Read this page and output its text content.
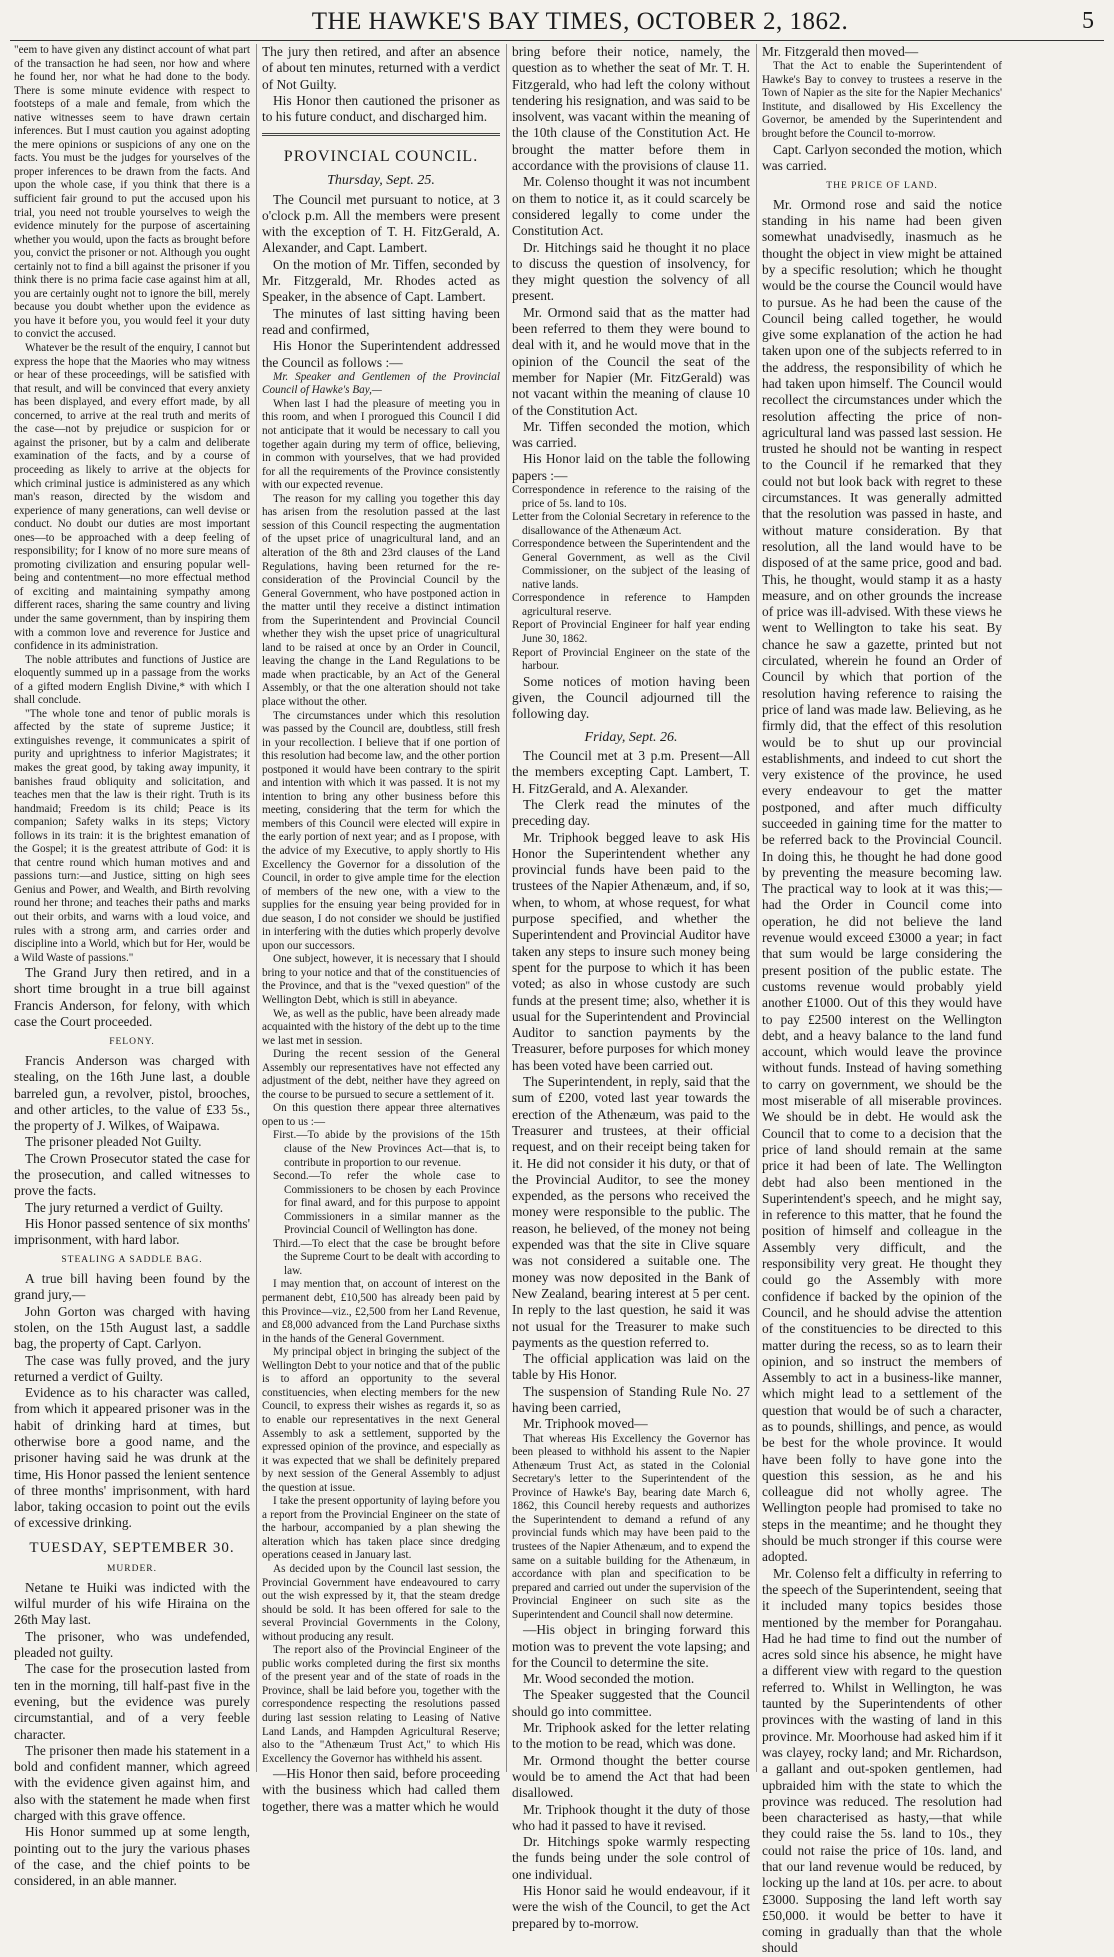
THE HAWKE'S BAY TIMES, OCTOBER 2, 1862.	5

"eem to have given any distinct account of what part of the transaction he had seen, nor how and where he found her, nor what he had done to the body. There is some minute evidence with respect to footsteps of a male and female, from which the native witnesses seem to have drawn certain inferences. But I must caution you against adopting the mere opinions or suspicions of any one on the facts. You must be the judges for yourselves of the proper inferences to be drawn from the facts. And upon the whole case, if you think that there is a sufficient fair ground to put the accused upon his trial, you need not trouble yourselves to weigh the evidence minutely for the purpose of ascertaining whether you would, upon the facts as brought before you, convict the prisoner or not. Although you ought certainly not to find a bill against the prisoner if you think there is no prima facie case against him at all, you are certainly ought not to ignore the bill, merely because you doubt whether upon the evidence as you have it before you, you would feel it your duty to convict the accused.

Whatever be the result of the enquiry, I cannot but express the hope that the Maories who may witness or hear of these proceedings, will be satisfied with that result, and will be convinced that every anxiety has been displayed, and every effort made, by all concerned, to arrive at the real truth and merits of the case—not by prejudice or suspicion for or against the prisoner, but by a calm and deliberate examination of the facts, and by a course of proceeding as likely to arrive at the objects for which criminal justice is administered as any which man's reason, directed by the wisdom and experience of many generations, can well devise or conduct. No doubt our duties are most important ones—to be approached with a deep feeling of responsibility; for I know of no more sure means of promoting civilization and ensuring popular well-being and contentment—no more effectual method of exciting and maintaining sympathy among different races, sharing the same country and living under the same government, than by inspiring them with a common love and reverence for Justice and confidence in its administration.

The noble attributes and functions of Justice are eloquently summed up in a passage from the works of a gifted modern English Divine,* with which I shall conclude.

"The whole tone and tenor of public morals is affected by the state of supreme Justice; it extinguishes revenge, it communicates a spirit of purity and uprightness to inferior Magistrates; it makes the great good, by taking away impunity, it banishes fraud obliquity and solicitation, and teaches men that the law is their right. Truth is its handmaid; Freedom is its child; Peace is its companion; Safety walks in its steps; Victory follows in its train: it is the brightest emanation of the Gospel; it is the greatest attribute of God: it is that centre round which human motives and and passions turn:—and Justice, sitting on high sees Genius and Power, and Wealth, and Birth revolving round her throne; and teaches their paths and marks out their orbits, and warns with a loud voice, and rules with a strong arm, and carries order and discipline into a World, which but for Her, would be a Wild Waste of passions."

The Grand Jury then retired, and in a short time brought in a true bill against Francis Anderson, for felony, with which case the Court proceeded.

FELONY.

Francis Anderson was charged with stealing, on the 16th June last, a double barreled gun, a revolver, pistol, brooches, and other articles, to the value of £33 5s., the property of J. Wilkes, of Waipawa.

The prisoner pleaded Not Guilty.

The Crown Prosecutor stated the case for the prosecution, and called witnesses to prove the facts.

The jury returned a verdict of Guilty.

His Honor passed sentence of six months' imprisonment, with hard labor.

STEALING A SADDLE BAG.

A true bill having been found by the grand jury,—

John Gorton was charged with having stolen, on the 15th August last, a saddle bag, the property of Capt. Carlyon.

The case was fully proved, and the jury returned a verdict of Guilty.

Evidence as to his character was called, from which it appeared prisoner was in the habit of drinking hard at times, but otherwise bore a good name, and the prisoner having said he was drunk at the time, His Honor passed the lenient sentence of three months' imprisonment, with hard labor, taking occasion to point out the evils of excessive drinking.

TUESDAY, SEPTEMBER 30.

MURDER.

Netane te Huiki was indicted with the wilful murder of his wife Hiraina on the 26th May last.

The prisoner, who was undefended, pleaded not guilty.

The case for the prosecution lasted from ten in the morning, till half-past five in the evening, but the evidence was purely circumstantial, and of a very feeble character.

The prisoner then made his statement in a bold and confident manner, which agreed with the evidence given against him, and also with the statement he made when first charged with this grave offence.

His Honor summed up at some length, pointing out to the jury the various phases of the case, and the chief points to be considered, in an able manner.

The jury then retired, and after an absence of about ten minutes, returned with a verdict of Not Guilty.

His Honor then cautioned the prisoner as to his future conduct, and discharged him.

PROVINCIAL COUNCIL.

Thursday, Sept. 25.

The Council met pursuant to notice, at 3 o'clock p.m. All the members were present with the exception of T. H. FitzGerald, A. Alexander, and Capt. Lambert.

On the motion of Mr. Tiffen, seconded by Mr. Fitzgerald, Mr. Rhodes acted as Speaker, in the absence of Capt. Lambert.

The minutes of last sitting having been read and confirmed,

His Honor the Superintendent addressed the Council as follows :—

Mr. Speaker and Gentlemen of the Provincial Council of Hawke's Bay,—

When last I had the pleasure of meeting you in this room, and when I prorogued this Council I did not anticipate that it would be necessary to call you together again during my term of office, believing, in common with yourselves, that we had provided for all the requirements of the Province consistently with our expected revenue.

The reason for my calling you together this day has arisen from the resolution passed at the last session of this Council respecting the augmentation of the upset price of unagricultural land, and an alteration of the 8th and 23rd clauses of the Land Regulations, having been returned for the re-consideration of the Provincial Council by the General Government, who have postponed action in the matter until they receive a distinct intimation from the Superintendent and Provincial Council whether they wish the upset price of unagricultural land to be raised at once by an Order in Council, leaving the change in the Land Regulations to be made when practicable, by an Act of the General Assembly, or that the one alteration should not take place without the other.

The circumstances under which this resolution was passed by the Council are, doubtless, still fresh in your recollection. I believe that if one portion of this resolution had become law, and the other portion postponed it would have been contrary to the spirit and intention with which it was passed. It is not my intention to bring any other business before this meeting, considering that the term for which the members of this Council were elected will expire in the early portion of next year; and as I propose, with the advice of my Executive, to apply shortly to His Excellency the Governor for a dissolution of the Council, in order to give ample time for the election of members of the new one, with a view to the supplies for the ensuing year being provided for in due season, I do not consider we should be justified in interfering with the duties which properly devolve upon our successors.

One subject, however, it is necessary that I should bring to your notice and that of the constituencies of the Province, and that is the "vexed question" of the Wellington Debt, which is still in abeyance.

We, as well as the public, have been already made acquainted with the history of the debt up to the time we last met in session.

During the recent session of the General Assembly our representatives have not effected any adjustment of the debt, neither have they agreed on the course to be pursued to secure a settlement of it.

On this question there appear three alternatives open to us :—

First.—To abide by the provisions of the 15th clause of the New Provinces Act—that is, to contribute in proportion to our revenue.

Second.—To refer the whole case to Commissioners to be chosen by each Province for final award, and for this purpose to appoint Commissioners in a similar manner as the Provincial Council of Wellington has done.

Third.—To elect that the case be brought before the Supreme Court to be dealt with according to law.

I may mention that, on account of interest on the permanent debt, £10,500 has already been paid by this Province—viz., £2,500 from her Land Revenue, and £8,000 advanced from the Land Purchase sixths in the hands of the General Government.

My principal object in bringing the subject of the Wellington Debt to your notice and that of the public is to afford an opportunity to the several constituencies, when electing members for the new Council, to express their wishes as regards it, so as to enable our representatives in the next General Assembly to ask a settlement, supported by the expressed opinion of the province, and especially as it was expected that we shall be definitely prepared by next session of the General Assembly to adjust the question at issue.

I take the present opportunity of laying before you a report from the Provincial Engineer on the state of the harbour, accompanied by a plan shewing the alteration which has taken place since dredging operations ceased in January last.

As decided upon by the Council last session, the Provincial Government have endeavoured to carry out the wish expressed by it, that the steam dredge should be sold. It has been offered for sale to the several Provincial Governments in the Colony, without producing any result.

The report also of the Provincial Engineer of the public works completed during the first six months of the present year and of the state of roads in the Province, shall be laid before you, together with the correspondence respecting the resolutions passed during last session relating to Leasing of Native Land Lands, and Hampden Agricultural Reserve; also to the "Athenæum Trust Act," to which His Excellency the Governor has withheld his assent.

—His Honor then said, before proceeding with the business which had called them together, there was a matter which he would

bring before their notice, namely, the question as to whether the seat of Mr. T. H. Fitzgerald, who had left the colony without tendering his resignation, and was said to be insolvent, was vacant within the meaning of the 10th clause of the Constitution Act. He brought the matter before them in accordance with the provisions of clause 11.

Mr. Colenso thought it was not incumbent on them to notice it, as it could scarcely be considered legally to come under the Constitution Act.

Dr. Hitchings said he thought it no place to discuss the question of insolvency, for they might question the solvency of all present.

Mr. Ormond said that as the matter had been referred to them they were bound to deal with it, and he would move that in the opinion of the Council the seat of the member for Napier (Mr. FitzGerald) was not vacant within the meaning of clause 10 of the Constitution Act.

Mr. Tiffen seconded the motion, which was carried.

His Honor laid on the table the following papers :—

Correspondence in reference to the raising of the price of 5s. land to 10s.

Letter from the Colonial Secretary in reference to the disallowance of the Athenæum Act.

Correspondence between the Superintendent and the General Government, as well as the Civil Commissioner, on the subject of the leasing of native lands.

Correspondence in reference to Hampden agricultural reserve.

Report of Provincial Engineer for half year ending June 30, 1862.

Report of Provincial Engineer on the state of the harbour.

Some notices of motion having been given, the Council adjourned till the following day.

Friday, Sept. 26.

The Council met at 3 p.m. Present—All the members excepting Capt. Lambert, T. H. FitzGerald, and A. Alexander.

The Clerk read the minutes of the preceding day.

Mr. Triphook begged leave to ask His Honor the Superintendent whether any provincial funds have been paid to the trustees of the Napier Athenæum, and, if so, when, to whom, at whose request, for what purpose specified, and whether the Superintendent and Provincial Auditor have taken any steps to insure such money being spent for the purpose to which it has been voted; as also in whose custody are such funds at the present time; also, whether it is usual for the Superintendent and Provincial Auditor to sanction payments by the Treasurer, before purposes for which money has been voted have been carried out.

The Superintendent, in reply, said that the sum of £200, voted last year towards the erection of the Athenæum, was paid to the Treasurer and trustees, at their official request, and on their receipt being taken for it. He did not consider it his duty, or that of the Provincial Auditor, to see the money expended, as the persons who received the money were responsible to the public. The reason, he believed, of the money not being expended was that the site in Clive square was not considered a suitable one. The money was now deposited in the Bank of New Zealand, bearing interest at 5 per cent. In reply to the last question, he said it was not usual for the Treasurer to make such payments as the question referred to.

The official application was laid on the table by His Honor.

The suspension of Standing Rule No. 27 having been carried,

Mr. Triphook moved—

That whereas His Excellency the Governor has been pleased to withhold his assent to the Napier Athenæum Trust Act, as stated in the Colonial Secretary's letter to the Superintendent of the Province of Hawke's Bay, bearing date March 6, 1862, this Council hereby requests and authorizes the Superintendent to demand a refund of any provincial funds which may have been paid to the trustees of the Napier Athenæum, and to expend the same on a suitable building for the Athenæum, in accordance with plan and specification to be prepared and carried out under the supervision of the Provincial Engineer on such site as the Superintendent and Council shall now determine.

—His object in bringing forward this motion was to prevent the vote lapsing; and for the Council to determine the site.

Mr. Wood seconded the motion.

The Speaker suggested that the Council should go into committee.

Mr. Triphook asked for the letter relating to the motion to be read, which was done.

Mr. Ormond thought the better course would be to amend the Act that had been disallowed.

Mr. Triphook thought it the duty of those who had it passed to have it revised.

Dr. Hitchings spoke warmly respecting the funds being under the sole control of one individual.

His Honor said he would endeavour, if it were the wish of the Council, to get the Act prepared by to-morrow.

Mr. Fitzgerald then moved—

That the Act to enable the Superintendent of Hawke's Bay to convey to trustees a reserve in the Town of Napier as the site for the Napier Mechanics' Institute, and disallowed by His Excellency the Governor, be amended by the Superintendent and brought before the Council to-morrow.

Capt. Carlyon seconded the motion, which was carried.

THE PRICE OF LAND.

Mr. Ormond rose and said the notice standing in his name had been given somewhat unadvisedly, inasmuch as he thought the object in view might be attained by a specific resolution; which he thought would be the course the Council would have to pursue. As he had been the cause of the Council being called together, he would give some explanation of the action he had taken upon one of the subjects referred to in the address, the responsibility of which he had taken upon himself. The Council would recollect the circumstances under which the resolution affecting the price of non-agricultural land was passed last session. He trusted he should not be wanting in respect to the Council if he remarked that they could not but look back with regret to these circumstances. It was generally admitted that the resolution was passed in haste, and without mature consideration. By that resolution, all the land would have to be disposed of at the same price, good and bad. This, he thought, would stamp it as a hasty measure, and on other grounds the increase of price was ill-advised. With these views he went to Wellington to take his seat. By chance he saw a gazette, printed but not circulated, wherein he found an Order of Council by which that portion of the resolution having reference to raising the price of land was made law. Believing, as he firmly did, that the effect of this resolution would be to shut up our provincial establishments, and indeed to cut short the very existence of the province, he used every endeavour to get the matter postponed, and after much difficulty succeeded in gaining time for the matter to be referred back to the Provincial Council. In doing this, he thought he had done good by preventing the measure becoming law. The practical way to look at it was this;—had the Order in Council come into operation, he did not believe the land revenue would exceed £3000 a year; in fact that sum would be large considering the present position of the public estate. The customs revenue would probably yield another £1000. Out of this they would have to pay £2500 interest on the Wellington debt, and a heavy balance to the land fund account, which would leave the province without funds. Instead of having something to carry on government, we should be the most miserable of all miserable provinces. We should be in debt. He would ask the Council that to come to a decision that the price of land should remain at the same price it had been of late. The Wellington debt had also been mentioned in the Superintendent's speech, and he might say, in reference to this matter, that he found the position of himself and colleague in the Assembly very difficult, and the responsibility very great. He thought they could go the Assembly with more confidence if backed by the opinion of the Council, and he should advise the attention of the constituencies to be directed to this matter during the recess, so as to learn their opinion, and so instruct the members of Assembly to act in a business-like manner, which might lead to a settlement of the question that would be of such a character, as to pounds, shillings, and pence, as would be best for the whole province. It would have been folly to have gone into the question this session, as he and his colleague did not wholly agree. The Wellington people had promised to take no steps in the meantime; and he thought they should be much stronger if this course were adopted.

Mr. Colenso felt a difficulty in referring to the speech of the Superintendent, seeing that it included many topics besides those mentioned by the member for Porangahau. Had he had time to find out the number of acres sold since his absence, he might have a different view with regard to the question referred to. Whilst in Wellington, he was taunted by the Superintendents of other provinces with the wasting of land in this province. Mr. Moorhouse had asked him if it was clayey, rocky land; and Mr. Richardson, a gallant and out-spoken gentlemen, had upbraided him with the state to which the province was reduced. The resolution had been characterised as hasty,—that while they could raise the 5s. land to 10s., they could not raise the price of 10s. land, and that our land revenue would be reduced, by locking up the land at 10s. per acre. to about £3000. Supposing the land left worth say £50,000. it would be better to have it coming in gradually than that the whole should
